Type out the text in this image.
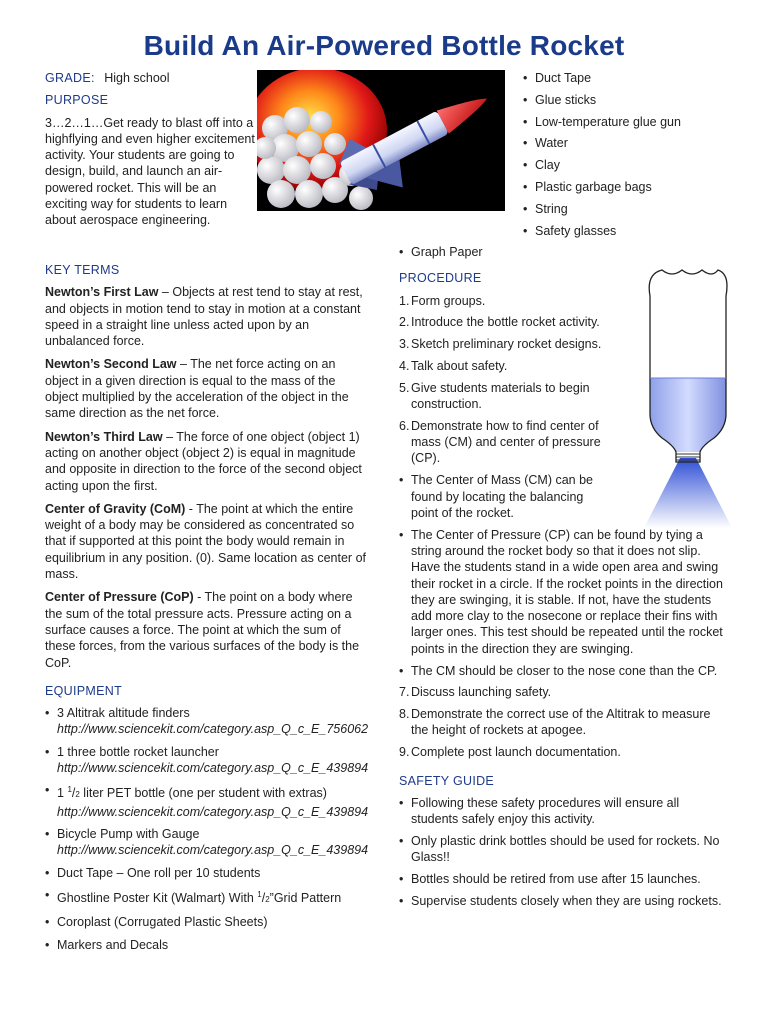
Build An Air-Powered Bottle Rocket
GRADE: High school
PURPOSE
3…2…1…Get ready to blast off into a highflying and even higher excitement activity. Your students are going to design, build, and launch an air-powered rocket. This will be an exciting way for students to learn about aerospace engineering.
KEY TERMS

Newton’s First Law – Objects at rest tend to stay at rest, and objects in motion tend to stay in motion at a constant speed in a straight line unless acted upon by an unbalanced force.

Newton’s Second Law – The net force acting on an object in a given direction is equal to the mass of the object multiplied by the acceleration of the object in the same direction as the net force.

Newton’s Third Law – The force of one object (object 1) acting on another object (object 2) is equal in magnitude and opposite in direction to the force of the second object acting upon the first.

Center of Gravity (CoM) - The point at which the entire weight of a body may be considered as concentrated so that if supported at this point the body would remain in equilibrium in any position. (0). Same location as center of mass.

Center of Pressure (CoP) - The point on a body where the sum of the total pressure acts. Pressure acting on a surface causes a force. The point at which the sum of these forces, from the various surfaces of the body is the CoP.

EQUIPMENT
• 3 Altitrak altitude finders
http://www.sciencekit.com/category.asp_Q_c_E_756062
• 1 three bottle rocket launcher
http://www.sciencekit.com/category.asp_Q_c_E_439894
• 1 $^1$/2 liter PET bottle (one per student with extras)
http://www.sciencekit.com/category.asp_Q_c_E_439894
• Bicycle Pump with Gauge
http://www.sciencekit.com/category.asp_Q_c_E_439894
• Duct Tape – One roll per 10 students
• Ghostline Poster Kit (Walmart) With $^1$/2”Grid Pattern
• Coroplast (Corrugated Plastic Sheets)
• Markers and Decals
• Duct Tape
• Glue sticks
• Low-temperature glue gun
• Water
• Clay
• Plastic garbage bags
• String
• Safety glasses
• Graph Paper
PROCEDURE
1. Form groups.
2. Introduce the bottle rocket activity.
3. Sketch preliminary rocket designs.
4. Talk about safety.
5. Give students materials to begin construction.
6. Demonstrate how to find center of mass (CM) and center of pressure (CP).
• The Center of Mass (CM) can be found by locating the balancing point of the rocket.
• The Center of Pressure (CP) can be found by tying a string around the rocket body so that it does not slip. Have the students stand in a wide open area and swing their rocket in a circle. If the rocket points in the direction they are swinging, it is stable. If not, have the students add more clay to the nosecone or replace their fins with larger ones. This test should be repeated until the rocket points in the direction they are swinging.
• The CM should be closer to the nose cone than the CP.
7. Discuss launching safety.
8. Demonstrate the correct use of the Altitrak to measure the height of rockets at apogee.
9. Complete post launch documentation.
SAFETY GUIDE
• Following these safety procedures will ensure all students safely enjoy this activity.
• Only plastic drink bottles should be used for rockets. No Glass!!
• Bottles should be retired from use after 15 launches.
• Supervise students closely when they are using rockets.
